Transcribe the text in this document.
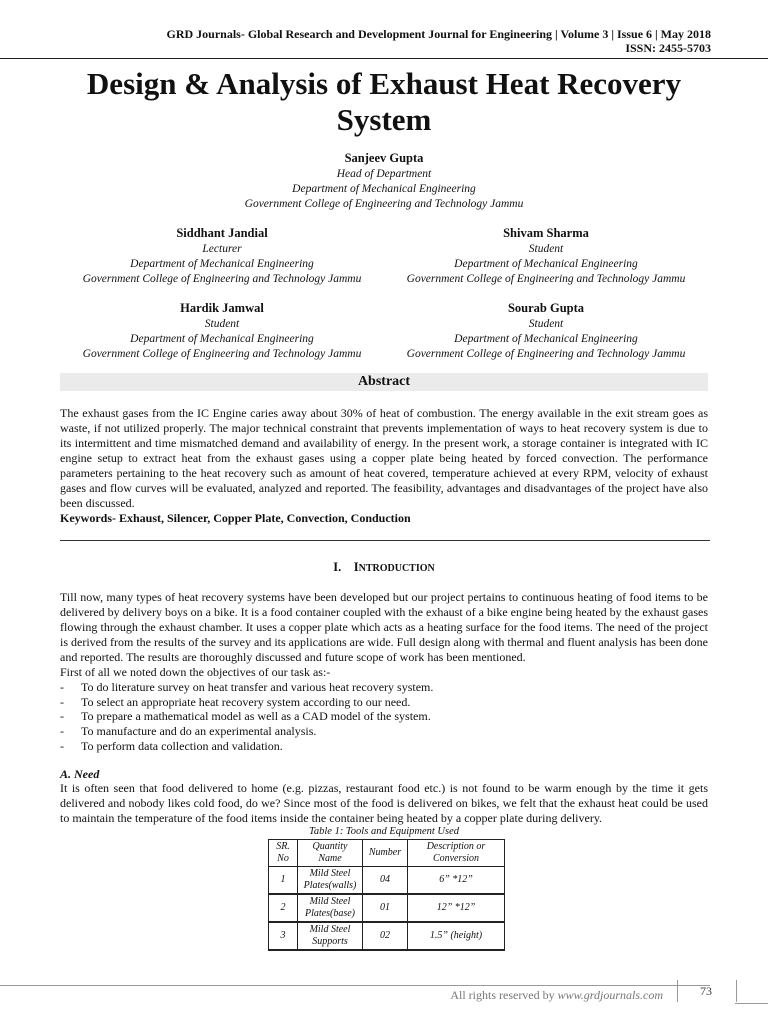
GRD Journals- Global Research and Development Journal for Engineering | Volume 3 | Issue 6 | May 2018
ISSN: 2455-5703
Design & Analysis of Exhaust Heat Recovery System
Sanjeev Gupta
Head of Department
Department of Mechanical Engineering
Government College of Engineering and Technology Jammu
Siddhant Jandial
Lecturer
Department of Mechanical Engineering
Government College of Engineering and Technology Jammu
Shivam Sharma
Student
Department of Mechanical Engineering
Government College of Engineering and Technology Jammu
Hardik Jamwal
Student
Department of Mechanical Engineering
Government College of Engineering and Technology Jammu
Sourab Gupta
Student
Department of Mechanical Engineering
Government College of Engineering and Technology Jammu
Abstract
The exhaust gases from the IC Engine caries away about 30% of heat of combustion. The energy available in the exit stream goes as waste, if not utilized properly. The major technical constraint that prevents implementation of ways to heat recovery system is due to its intermittent and time mismatched demand and availability of energy. In the present work, a storage container is integrated with IC engine setup to extract heat from the exhaust gases using a copper plate being heated by forced convection. The performance parameters pertaining to the heat recovery such as amount of heat covered, temperature achieved at every RPM, velocity of exhaust gases and flow curves will be evaluated, analyzed and reported. The feasibility, advantages and disadvantages of the project have also been discussed.
Keywords- Exhaust, Silencer, Copper Plate, Convection, Conduction
I. INTRODUCTION
Till now, many types of heat recovery systems have been developed but our project pertains to continuous heating of food items to be delivered by delivery boys on a bike. It is a food container coupled with the exhaust of a bike engine being heated by the exhaust gases flowing through the exhaust chamber. It uses a copper plate which acts as a heating surface for the food items. The need of the project is derived from the results of the survey and its applications are wide. Full design along with thermal and fluent analysis has been done and reported. The results are thoroughly discussed and future scope of work has been mentioned.
First of all we noted down the objectives of our task as:-
-	To do literature survey on heat transfer and various heat recovery system.
-	To select an appropriate heat recovery system according to our need.
-	To prepare a mathematical model as well as a CAD model of the system.
-	To manufacture and do an experimental analysis.
-	To perform data collection and validation.
A. Need
It is often seen that food delivered to home (e.g. pizzas, restaurant food etc.) is not found to be warm enough by the time it gets delivered and nobody likes cold food, do we? Since most of the food is delivered on bikes, we felt that the exhaust heat could be used to maintain the temperature of the food items inside the container being heated by a copper plate during delivery.
Table 1: Tools and Equipment Used
SR. No	Quantity Name	Number	Description or Conversion
1	Mild Steel Plates(walls)	04	6” *12”
2	Mild Steel Plates(base)	01	12” *12”
3	Mild Steel Supports	02	1.5” (height)
All rights reserved by www.grdjournals.com	73
